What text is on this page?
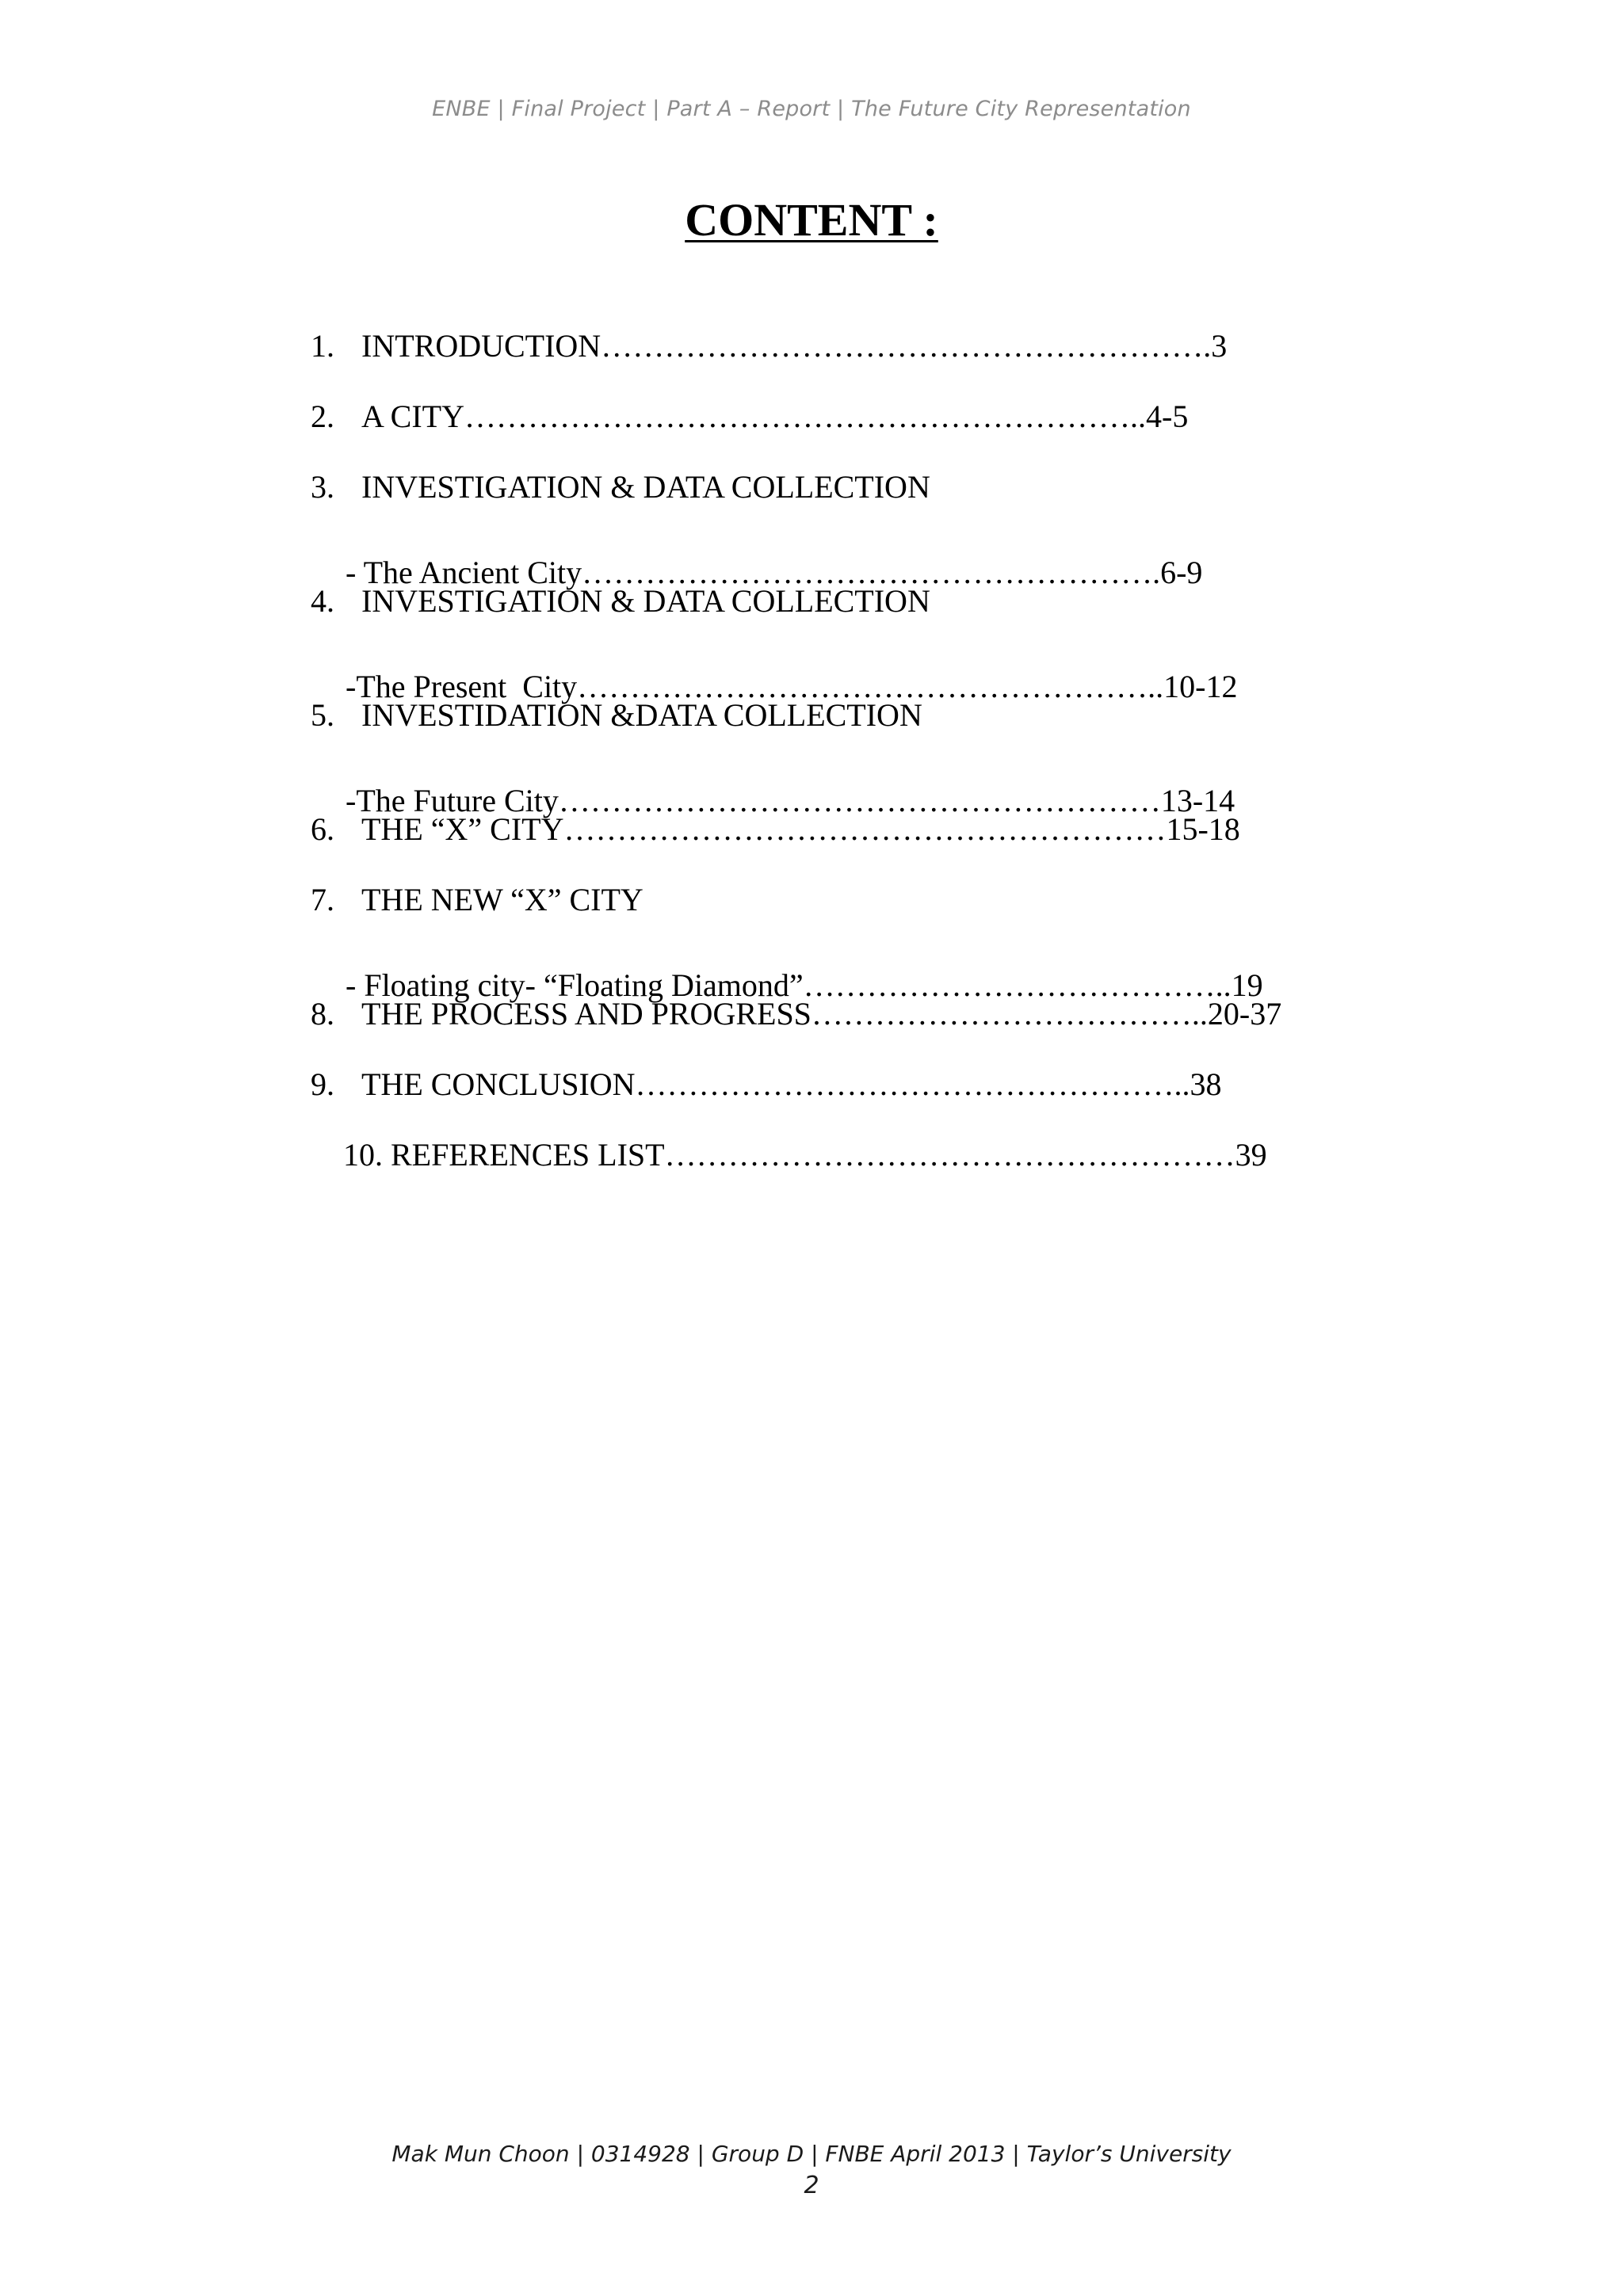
ENBE | Final Project | Part A – Report | The Future City Representation
CONTENT :

1. INTRODUCTION………………………………………………….3

2. A CITY………………………………………………………..4-5

3. INVESTIGATION & DATA COLLECTION

- The Ancient City……………………………………………….6-9

4. INVESTIGATION & DATA COLLECTION

-The Present  City………………………………………………..10-12

5. INVESTIDATION &DATA COLLECTION

-The Future City…………………………………………………13-14

6. THE “X” CITY…………………………………………………15-18

7. THE NEW “X” CITY

- Floating city- “Floating Diamond”…………………………………..19

8. THE PROCESS AND PROGRESS………………………………..20-37

9. THE CONCLUSION……………………………………………..38

10. REFERENCES LIST………………………………………………39

Mak Mun Choon | 0314928 | Group D | FNBE April 2013 | Taylor’s University
2
